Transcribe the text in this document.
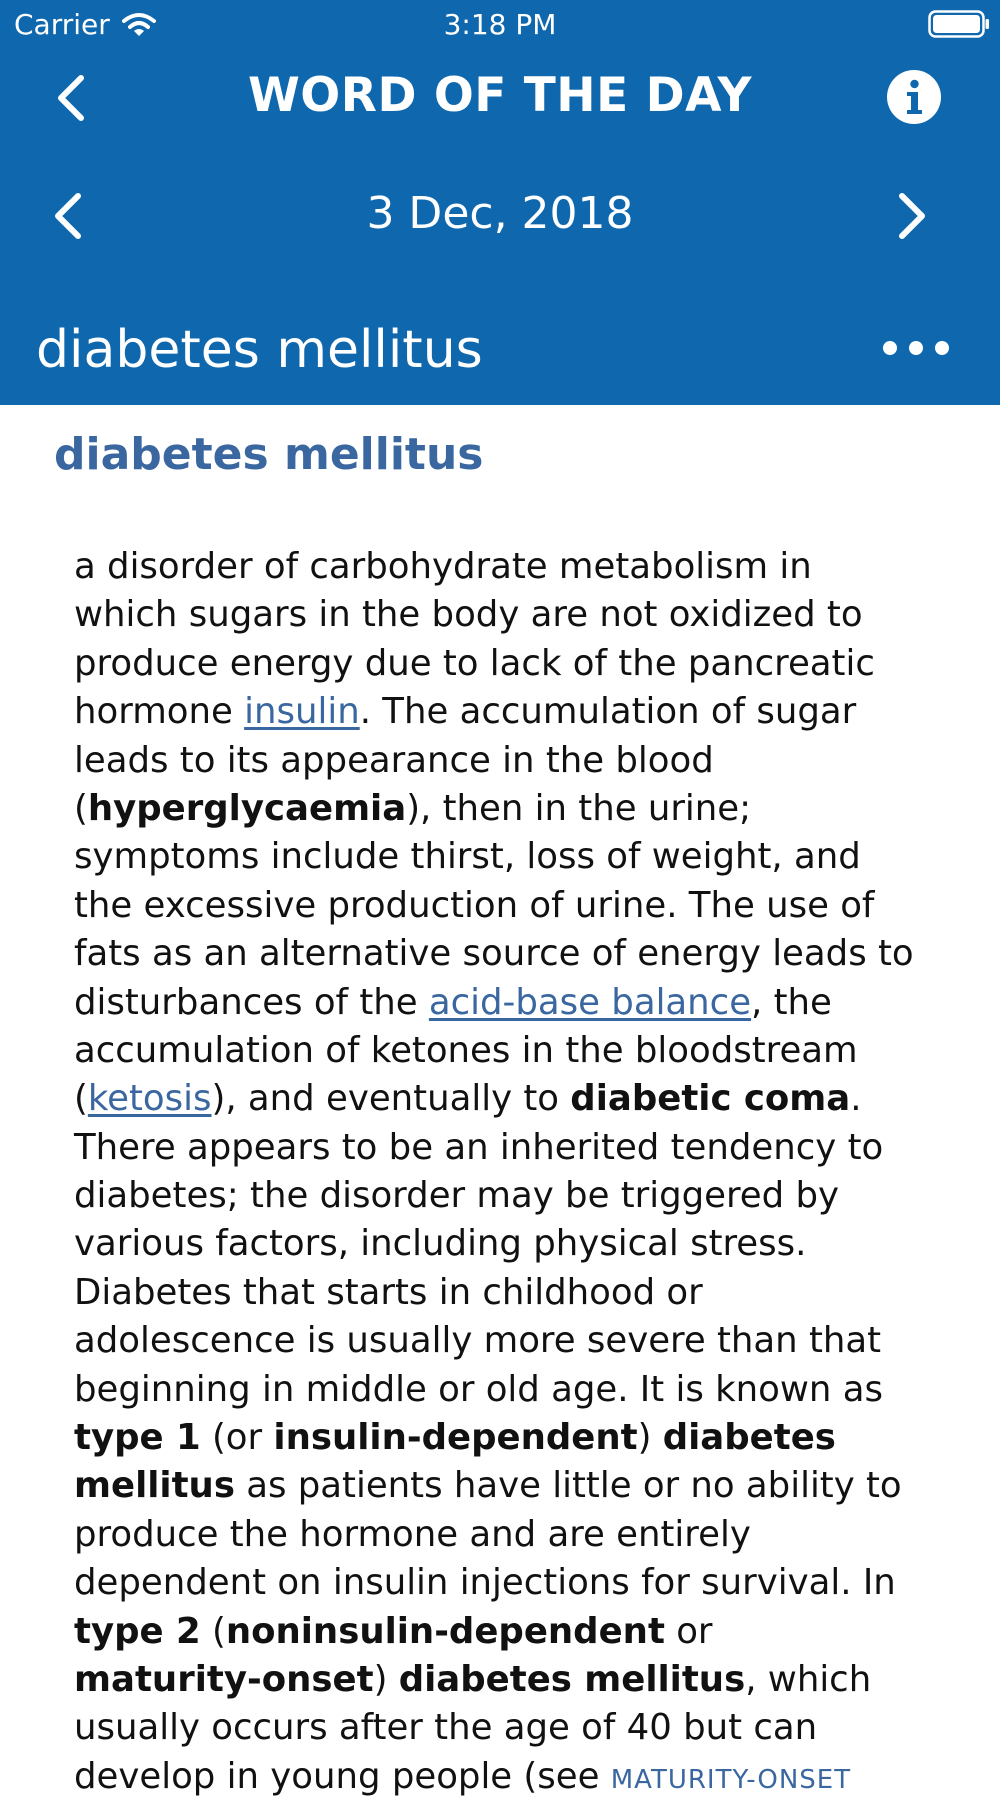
Carrier	3:18 PM
WORD OF THE DAY
3 Dec, 2018
diabetes mellitus
diabetes mellitus
a disorder of carbohydrate metabolism in
which sugars in the body are not oxidized to
produce energy due to lack of the pancreatic
hormone insulin. The accumulation of sugar
leads to its appearance in the blood
(hyperglycaemia), then in the urine;
symptoms include thirst, loss of weight, and
the excessive production of urine. The use of
fats as an alternative source of energy leads to
disturbances of the acid-base balance, the
accumulation of ketones in the bloodstream
(ketosis), and eventually to diabetic coma.
There appears to be an inherited tendency to
diabetes; the disorder may be triggered by
various factors, including physical stress.
Diabetes that starts in childhood or
adolescence is usually more severe than that
beginning in middle or old age. It is known as
type 1 (or insulin-dependent) diabetes
mellitus as patients have little or no ability to
produce the hormone and are entirely
dependent on insulin injections for survival. In
type 2 (noninsulin-dependent or
maturity-onset) diabetes mellitus, which
usually occurs after the age of 40 but can
develop in young people (see MATURITY-ONSET
